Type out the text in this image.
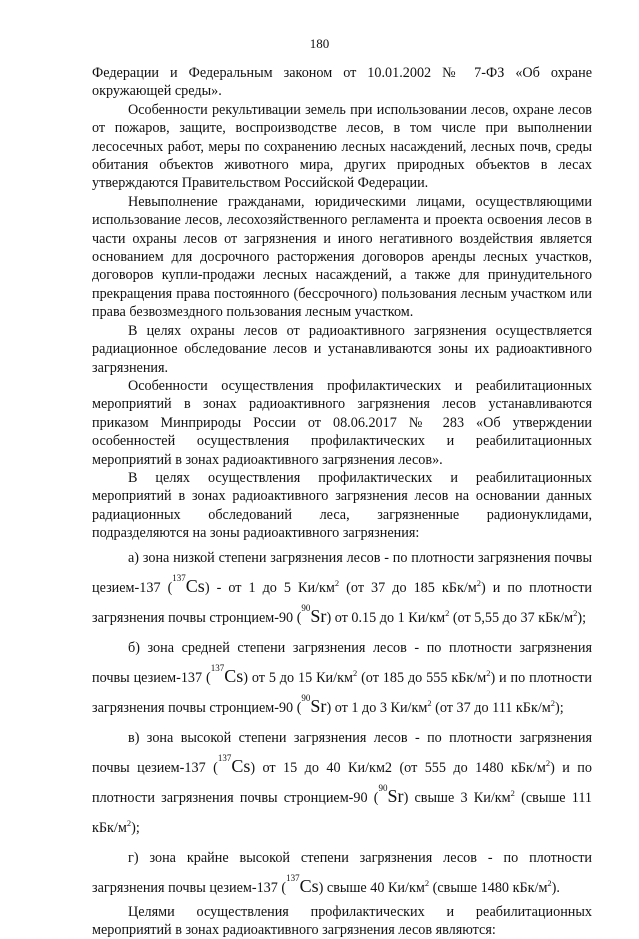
180

Федерации и Федеральным законом от 10.01.2002 № 7-ФЗ «Об охране окружающей среды».

Особенности рекультивации земель при использовании лесов, охране лесов от пожаров, защите, воспроизводстве лесов, в том числе при выполнении лесосечных работ, меры по сохранению лесных насаждений, лесных почв, среды обитания объектов животного мира, других природных объектов в лесах утверждаются Правительством Российской Федерации.

Невыполнение гражданами, юридическими лицами, осуществляющими использование лесов, лесохозяйственного регламента и проекта освоения лесов в части охраны лесов от загрязнения и иного негативного воздействия является основанием для досрочного расторжения договоров аренды лесных участков, договоров купли-продажи лесных насаждений, а также для принудительного прекращения права постоянного (бессрочного) пользования лесным участком или права безвозмездного пользования лесным участком.

В целях охраны лесов от радиоактивного загрязнения осуществляется радиационное обследование лесов и устанавливаются зоны их радиоактивного загрязнения.

Особенности осуществления профилактических и реабилитационных мероприятий в зонах радиоактивного загрязнения лесов устанавливаются приказом Минприроды России от 08.06.2017 № 283 «Об утверждении особенностей осуществления профилактических и реабилитационных мероприятий в зонах радиоактивного загрязнения лесов».

В целях осуществления профилактических и реабилитационных мероприятий в зонах радиоактивного загрязнения лесов на основании данных радиационных обследований леса, загрязненные радионуклидами, подразделяются на зоны радиоактивного загрязнения:

а) зона низкой степени загрязнения лесов - по плотности загрязнения почвы цезием-137 ($^{137}$Cs) - от 1 до 5 $Ки/км^2$ (от 37 до 185 кБк/$м^2$) и по плотности загрязнения почвы стронцием-90 ($^{90}$Sr) от 0.15 до 1 $Ки/км^2$ (от 5,55 до 37 кБк/$м^2$);

б) зона средней степени загрязнения лесов - по плотности загрязнения почвы цезием-137 ($^{137}$Cs) от 5 до 15 $Ки/км^2$ (от 185 до 555 кБк/$м^2$) и по плотности загрязнения почвы стронцием-90 ($^{90}$Sr) от 1 до 3 $Ки/км^2$ (от 37 до 111 кБк/$м^2$);

в) зона высокой степени загрязнения лесов - по плотности загрязнения почвы цезием-137 ($^{137}$Cs) от 15 до 40 Ки/км2 (от 555 до 1480 кБк/$м^2$) и по плотности загрязнения почвы стронцием-90 ($^{90}$Sr) свыше 3 $Ки/км^2$ (свыше 111 кБк/$м^2$);

г) зона крайне высокой степени загрязнения лесов - по плотности загрязнения почвы цезием-137 ($^{137}$Cs) свыше 40 $Ки/км^2$ (свыше 1480 кБк/$м^2$).

Целями осуществления профилактических и реабилитационных мероприятий в зонах радиоактивного загрязнения лесов являются:
